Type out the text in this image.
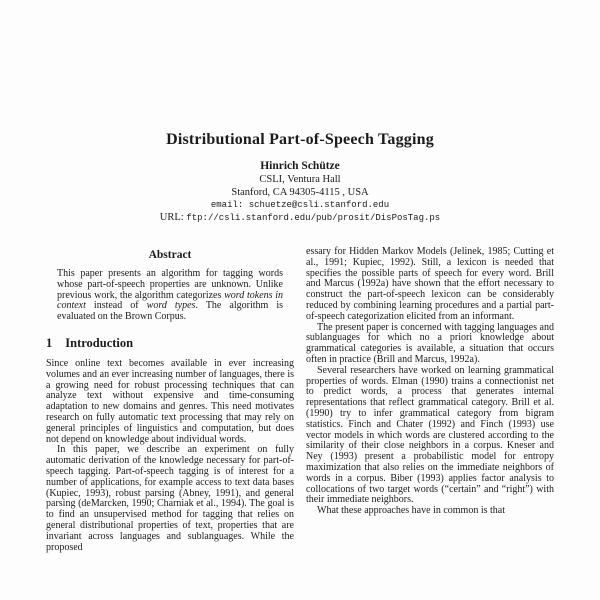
Distributional Part-of-Speech Tagging
Hinrich Schütze
CSLI, Ventura Hall
Stanford, CA 94305-4115 , USA
email: schuetze@csli.stanford.edu
URL: ftp://csli.stanford.edu/pub/prosit/DisPosTag.ps
Abstract

This paper presents an algorithm for tagging words whose part-of-speech properties are unknown. Unlike previous work, the algorithm categorizes word tokens in context instead of word types. The algorithm is evaluated on the Brown Corpus.

1 Introduction

Since online text becomes available in ever increasing volumes and an ever increasing number of languages, there is a growing need for robust processing techniques that can analyze text without expensive and time-consuming adaptation to new domains and genres. This need motivates research on fully automatic text processing that may rely on general principles of linguistics and computation, but does not depend on knowledge about individual words.

In this paper, we describe an experiment on fully automatic derivation of the knowledge necessary for part-of-speech tagging. Part-of-speech tagging is of interest for a number of applications, for example access to text data bases (Kupiec, 1993), robust parsing (Abney, 1991), and general parsing (deMarcken, 1990; Charniak et al., 1994). The goal is to find an unsupervised method for tagging that relies on general distributional properties of text, properties that are invariant across languages and sublanguages. While the proposed

essary for Hidden Markov Models (Jelinek, 1985; Cutting et al., 1991; Kupiec, 1992). Still, a lexicon is needed that specifies the possible parts of speech for every word. Brill and Marcus (1992a) have shown that the effort necessary to construct the part-of-speech lexicon can be considerably reduced by combining learning procedures and a partial part-of-speech categorization elicited from an informant.

The present paper is concerned with tagging languages and sublanguages for which no a priori knowledge about grammatical categories is available, a situation that occurs often in practice (Brill and Marcus, 1992a).

Several researchers have worked on learning grammatical properties of words. Elman (1990) trains a connectionist net to predict words, a process that generates internal representations that reflect grammatical category. Brill et al. (1990) try to infer grammatical category from bigram statistics. Finch and Chater (1992) and Finch (1993) use vector models in which words are clustered according to the similarity of their close neighbors in a corpus. Kneser and Ney (1993) present a probabilistic model for entropy maximization that also relies on the immediate neighbors of words in a corpus. Biber (1993) applies factor analysis to collocations of two target words (“certain” and “right”) with their immediate neighbors.

What these approaches have in common is that
